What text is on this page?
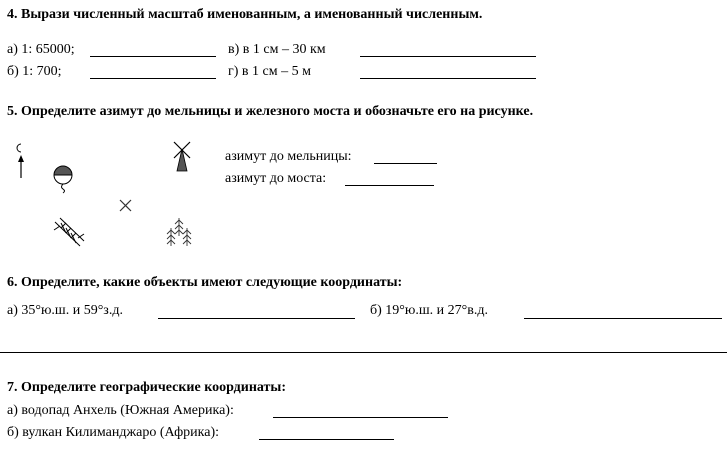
4. Вырази численный масштаб именованным, а именованный численным.
а) 1: 65000;	в) в 1 см – 30 км
б) 1: 700;	г) в 1 см – 5 м
5. Определите азимут до мельницы и железного моста и обозначьте его на рисунке.
азимут до мельницы:
азимут до моста:
6. Определите, какие объекты имеют следующие координаты:
а) 35°ю.ш. и 59°з.д.	б) 19°ю.ш. и 27°в.д.
7. Определите географические координаты:
а) водопад Анхель (Южная Америка):
б) вулкан Килиманджаро (Африка):
